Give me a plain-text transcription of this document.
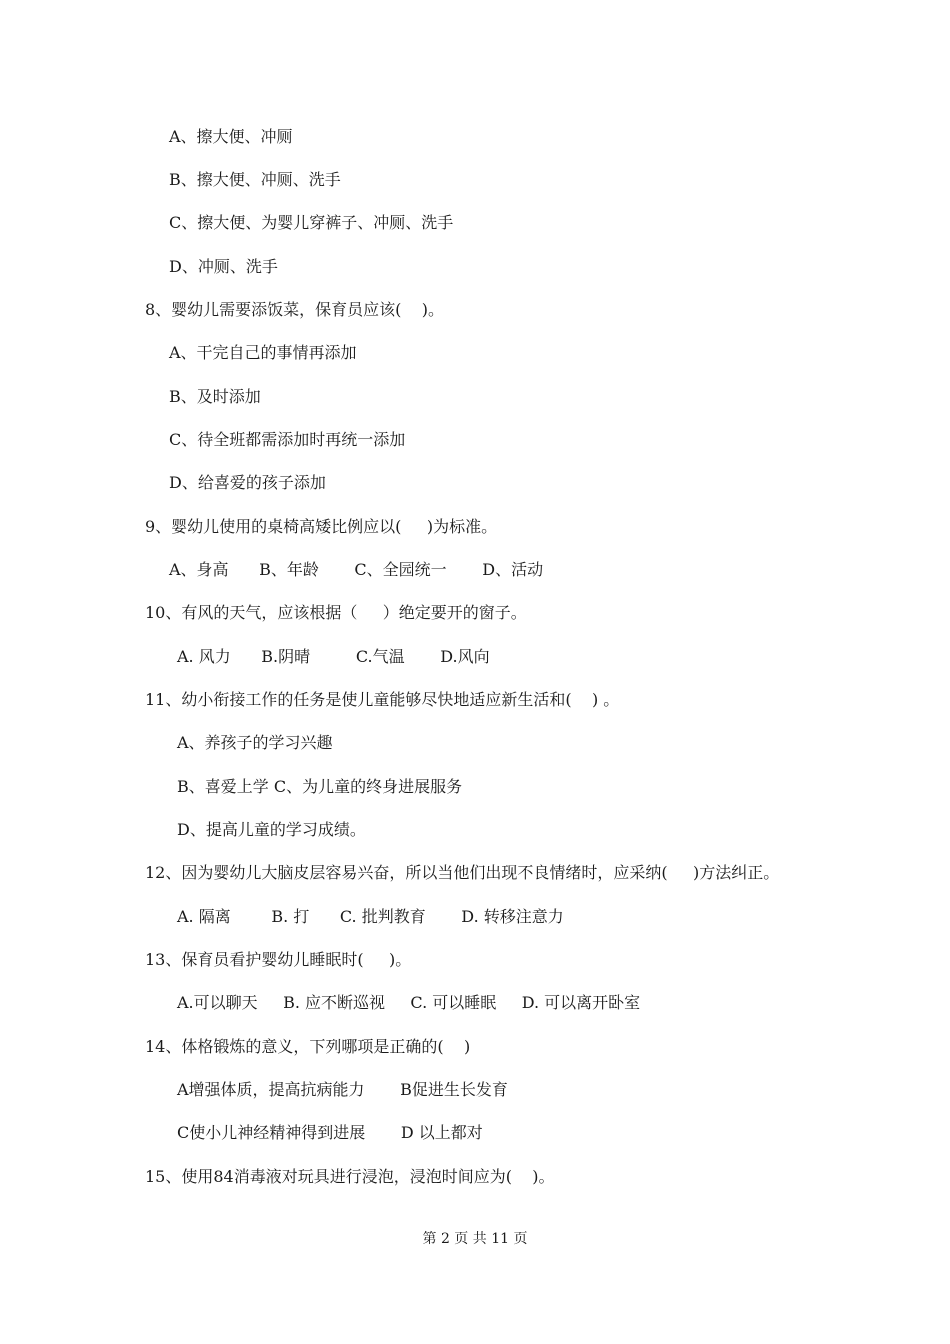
A、擦大便、冲厕

B、擦大便、冲厕、洗手

C、擦大便、为婴儿穿裤子、冲厕、洗手

D、冲厕、洗手

8、婴幼儿需要添饭菜，保育员应该(    )。

A、干完自己的事情再添加

B、及时添加

C、待全班都需添加时再统一添加

D、给喜爱的孩子添加

9、婴幼儿使用的桌椅高矮比例应以(     )为标准。

A、身高      B、年龄       C、全园统一       D、活动

10、有风的天气，应该根据（     ）绝定要开的窗子。

A. 风力      B.阴晴         C.气温       D.风向

11、幼小衔接工作的任务是使儿童能够尽快地适应新生活和(    ) 。

A、养孩子的学习兴趣

B、喜爱上学 C、为儿童的终身进展服务

D、提高儿童的学习成绩。

12、因为婴幼儿大脑皮层容易兴奋，所以当他们出现不良情绪时，应采纳(     )方法纠正。

A. 隔离        B. 打      C. 批判教育       D. 转移注意力

13、保育员看护婴幼儿睡眠时(     )。

A.可以聊天     B. 应不断巡视     C. 可以睡眠     D. 可以离开卧室

14、体格锻炼的意义，下列哪项是正确的(    )

A增强体质，提高抗病能力       B促进生长发育

C使小儿神经精神得到进展       D 以上都对

15、使用84消毒液对玩具进行浸泡，浸泡时间应为(    )。

第 2 页 共 11 页
